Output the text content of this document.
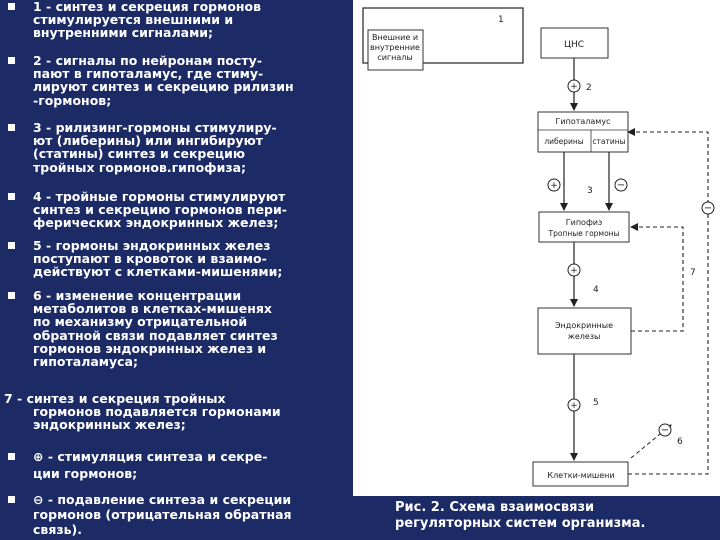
1 - синтез и секреция гормонов
стимулируется внешними и
внутренними сигналами;
2 - сигналы по нейронам посту-
пают в гипоталамус, где стиму-
лируют синтез и секрецию рилизин
-гормонов;
3 - рилизинг-гормоны стимулиру-
ют (либерины) или ингибируют
(статины) синтез и секрецию
тройных гормонов.гипофиза;
4 - тройные гормоны стимулируют
синтез и секрецию гормонов пери-
ферических эндокринных желез;
5 - гормоны эндокринных желез
поступают в кровоток и взаимо-
действуют с клетками-мишенями;
6 - изменение концентрации
метаболитов в клетках-мишенях
по механизму отрицательной
обратной связи подавляет синтез
гормонов эндокринных желез и
гипоталамуса;
7 - синтез и секреция тройных
гормонов подавляется гормонами
эндокринных желез;
⊕ - стимуляция синтеза и секре-
ции гормонов;
⊖ - подавление синтеза и секреции
гормонов (отрицательная обратная
связь).
Внешние и
внутренние
сигналы
1
ЦНС
+ 2
Гипоталамус
либерины статины
+	−
3
Гипофиз
Тропные гормоны
+
4
Эндокринные
железы
+ 5
Клетки-мишени
−
6
−
7
Рис. 2. Схема взаимосвязи
регуляторных систем организма.
